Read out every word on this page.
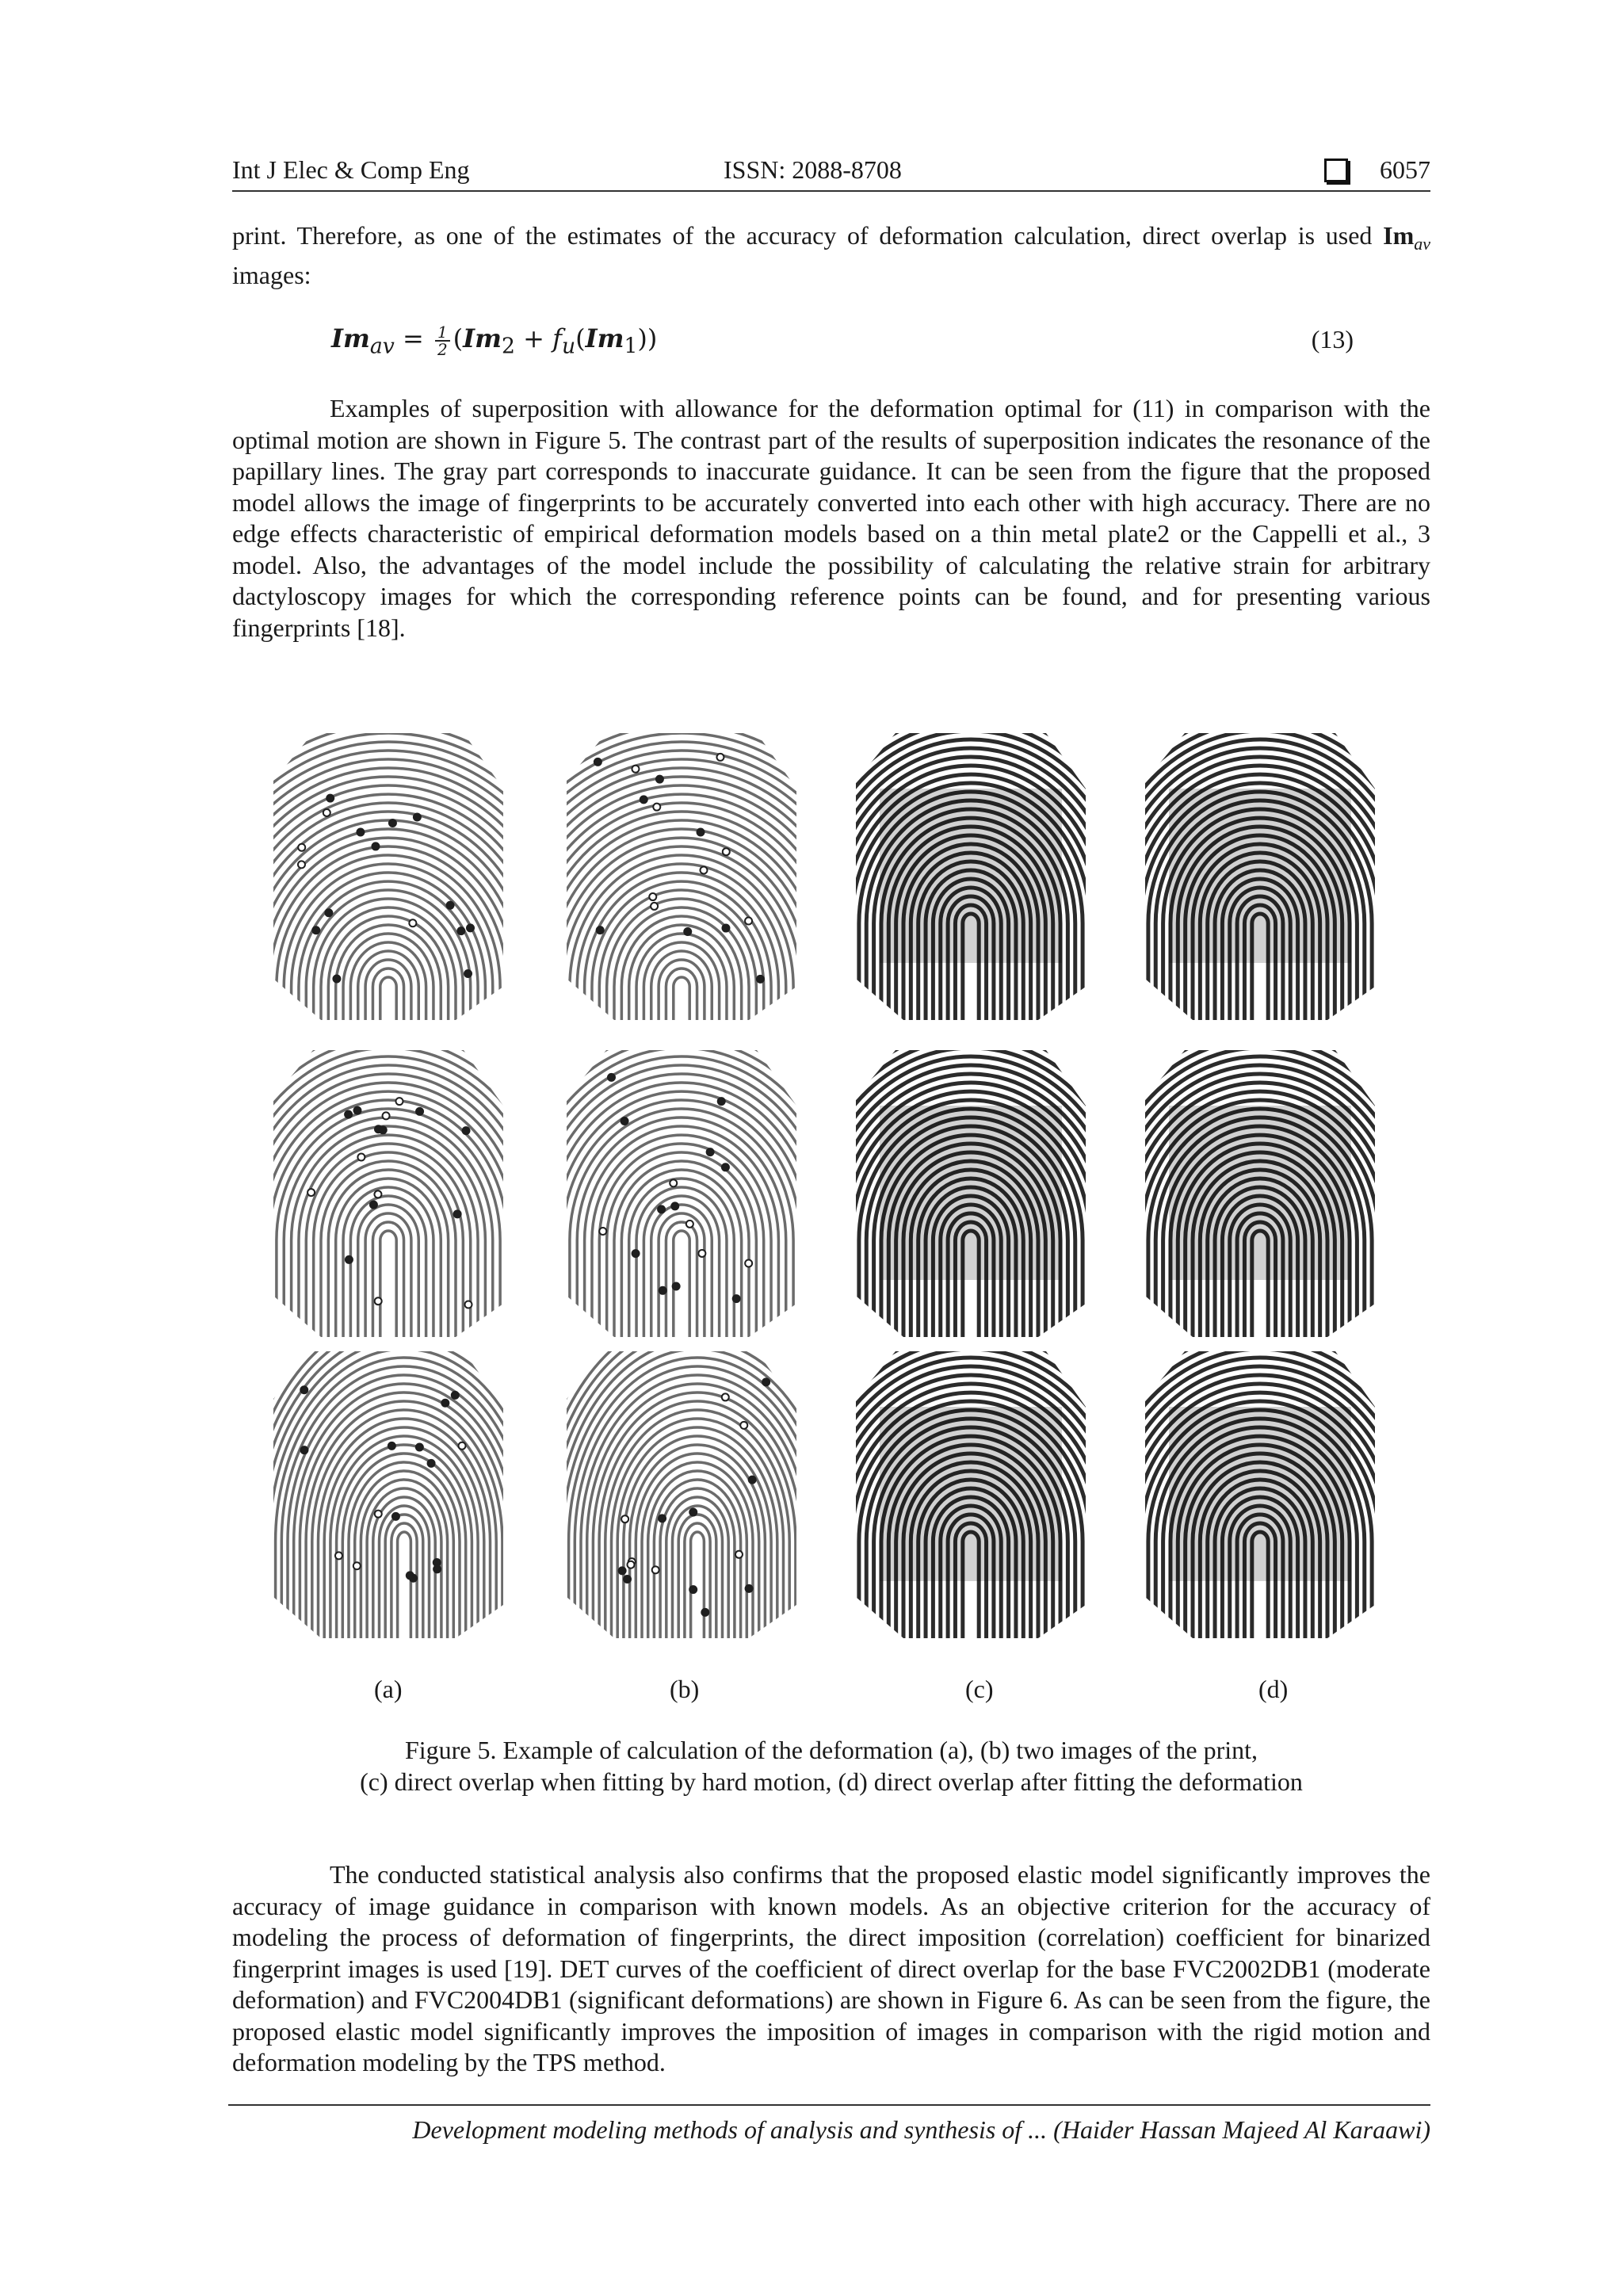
Int J Elec & Comp Eng	ISSN: 2088-8708	6057
print. Therefore, as one of the estimates of the accuracy of deformation calculation, direct overlap is used $Im_{av}$ images:
$Im_{av} = \frac{1}{2} (Im_2 + f_u(Im_1))$	(13)
Examples of superposition with allowance for the deformation optimal for (11) in comparison with the optimal motion are shown in Figure 5. The contrast part of the results of superposition indicates the resonance of the papillary lines. The gray part corresponds to inaccurate guidance. It can be seen from the figure that the proposed model allows the image of fingerprints to be accurately converted into each other with high accuracy. There are no edge effects characteristic of empirical deformation models based on a thin metal plate2 or the Cappelli et al., 3 model. Also, the advantages of the model include the possibility of calculating the relative strain for arbitrary dactyloscopy images for which the corresponding reference points can be found, and for presenting various fingerprints [18].
(a)	(b)	(c)	(d)
Figure 5. Example of calculation of the deformation (a), (b) two images of the print,
(c) direct overlap when fitting by hard motion, (d) direct overlap after fitting the deformation
The conducted statistical analysis also confirms that the proposed elastic model significantly improves the accuracy of image guidance in comparison with known models. As an objective criterion for the accuracy of modeling the process of deformation of fingerprints, the direct imposition (correlation) coefficient for binarized fingerprint images is used [19]. DET curves of the coefficient of direct overlap for the base FVC2002DB1 (moderate deformation) and FVC2004DB1 (significant deformations) are shown in Figure 6. As can be seen from the figure, the proposed elastic model significantly improves the imposition of images in comparison with the rigid motion and deformation modeling by the TPS method.
Development modeling methods of analysis and synthesis of ... (Haider Hassan Majeed Al Karaawi)
